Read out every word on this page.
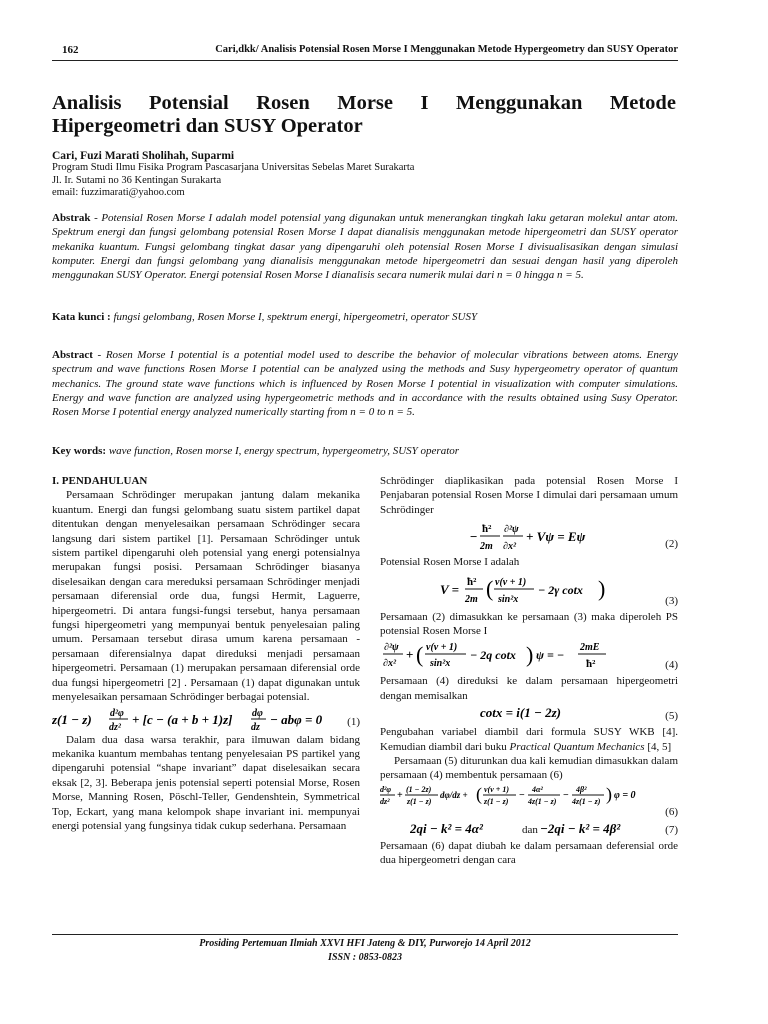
162	Cari,dkk/ Analisis Potensial Rosen Morse I Menggunakan Metode Hypergeometry dan SUSY Operator
Analisis Potensial Rosen Morse I Menggunakan Metode
Hipergeometri dan SUSY Operator
Cari, Fuzi Marati Sholihah, Suparmi
Program Studi Ilmu Fisika Program Pascasarjana Universitas Sebelas Maret Surakarta
Jl. Ir. Sutami no 36 Kentingan Surakarta
email: fuzzimarati@yahoo.com
Abstrak - Potensial Rosen Morse I adalah model potensial yang digunakan untuk menerangkan tingkah laku getaran molekul antar atom. Spektrum energi dan fungsi gelombang potensial Rosen Morse I dapat dianalisis menggunakan metode hipergeometri dan SUSY operator mekanika kuantum. Fungsi gelombang tingkat dasar yang dipengaruhi oleh potensial Rosen Morse I divisualisasikan dengan simulasi komputer. Energi dan fungsi gelombang yang dianalisis menggunakan metode hipergeometri dan sesuai dengan hasil yang diperoleh menggunakan SUSY Operator. Energi potensial Rosen Morse I dianalisis secara numerik mulai dari n = 0 hingga n = 5.
Kata kunci : fungsi gelombang, Rosen Morse I, spektrum energi, hipergeometri, operator SUSY
Abstract - Rosen Morse I potential is a potential model used to describe the behavior of molecular vibrations between atoms. Energy spectrum and wave functions Rosen Morse I potential can be analyzed using the methods and Susy hypergeometry operator of quantum mechanics. The ground state wave functions which is influenced by Rosen Morse I potential in visualization with computer simulations. Energy and wave function are analyzed using hypergeometric methods and in accordance with the results obtained using Susy Operator. Rosen Morse I potential energy analyzed numerically starting from n = 0 to n = 5.
Key words: wave function, Rosen morse I, energy spectrum, hypergeometry, SUSY operator

I. PENDAHULUAN

Persamaan Schrödinger merupakan jantung dalam mekanika kuantum. Energi dan fungsi gelombang suatu sistem partikel dapat ditentukan dengan menyelesaikan persamaan Schrödinger secara langsung dari sistem partikel [1]. Persamaan Schrödinger untuk sistem partikel dipengaruhi oleh potensial yang energi potensialnya merupakan fungsi posisi. Persamaan Schrödinger biasanya diselesaikan dengan cara mereduksi persamaan Schrödinger menjadi persamaan diferensial orde dua, fungsi Hermit, Laguerre, hipergeometri. Di antara fungsi-fungsi tersebut, hanya persamaan fungsi hipergeometri yang mempunyai bentuk penyelesaian paling umum. Persamaan tersebut dirasa umum karena persamaan - persamaan diferensialnya dapat direduksi menjadi persamaan hipergeometri. Persamaan (1) merupakan persamaan diferensial orde dua fungsi hipergeometri [2] . Persamaan (1) dapat digunakan untuk menyelesaikan persamaan Schrödinger berbagai potensial.

z(1 − z) d²φ
dz²
+ [c − (a + b + 1)z] dφ
dz
− abφ = 0 (1)

Dalam dua dasa warsa terakhir, para ilmuwan dalam bidang mekanika kuantum membahas tentang penyelesaian PS partikel yang dipengaruhi potensial “shape invariant” dapat diselesaikan secara eksak [2, 3]. Beberapa jenis potensial seperti potensial Morse, Rosen Morse, Manning Rosen, Pöschl-Teller, Gendenshtein, Symmetrical Top, Eckart, yang mana kelompok shape invariant ini. mempunyai energi potensial yang fungsinya tidak cukup sederhana. Persamaan

Schrödinger diaplikasikan pada potensial Rosen Morse I Penjabaran potensial Rosen Morse I dimulai dari persamaan umum Schrödinger

− ħ²
2m
∂²ψ
∂x²
+ Vψ = Eψ	(2)

Potensial Rosen Morse I adalah

V = ħ²
2m ( ν(ν + 1)
sin²x
− 2γ cotx )	(3)

Persamaan (2) dimasukkan ke persamaan (3) maka diperoleh PS potensial Rosen Morse I

∂²ψ
∂x²
+ ( ν(ν + 1)
sin²x
− 2q cotx ) ψ = −
2mE
ħ²	(4)

Persamaan (4) direduksi ke dalam persamaan hipergeometri dengan memisalkan

cotx = i(1 − 2z)	(5)

Pengubahan variabel diambil dari formula SUSY WKB [4]. Kemudian diambil dari buku Practical Quantum Mechanics [4, 5]

Persamaan (5) diturunkan dua kali kemudian dimasukkan dalam persamaan (4) membentuk persamaan (6)

d²φ
dz²
+
(1 − 2z)
z(1 − z)
dφ/dz + ( ν(ν + 1)
z(1 − z)
−
4α²
4z(1 − z)
−
4β²
4z(1 − z) ) φ = 0
(6)
2qi − k² = 4α²	dan −2qi − k² = 4β²	(7)

Persamaan (6) dapat diubah ke dalam persamaan deferensial orde dua hipergeometri dengan cara

Prosiding Pertemuan Ilmiah XXVI HFI Jateng & DIY, Purworejo 14 April 2012
ISSN : 0853-0823
